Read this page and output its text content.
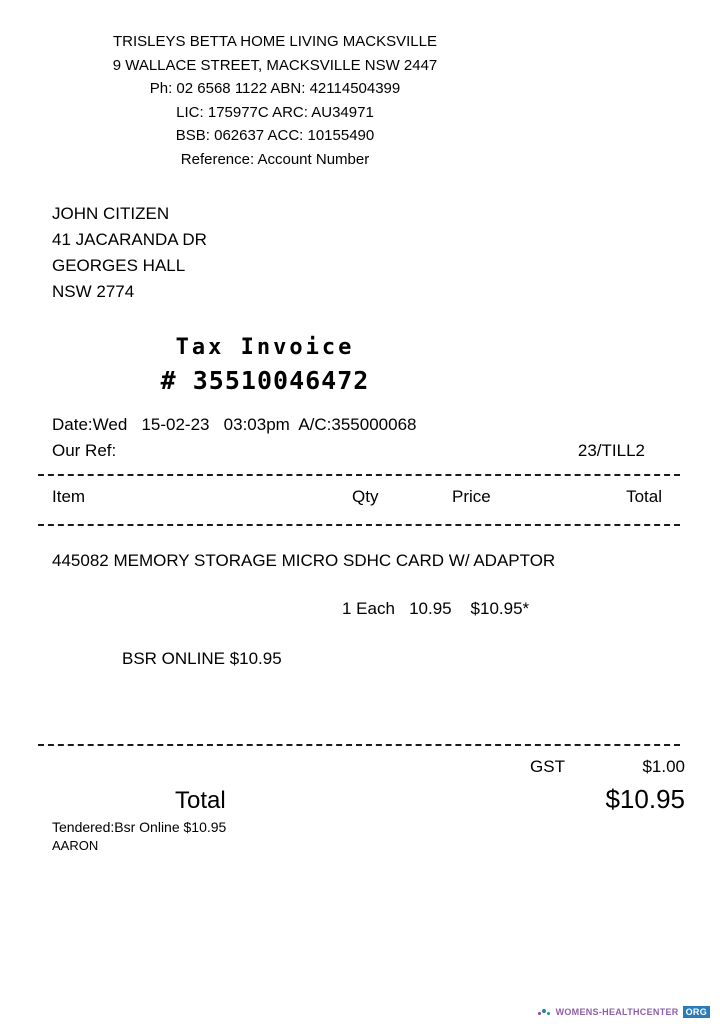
TRISLEYS BETTA HOME LIVING MACKSVILLE
9 WALLACE STREET, MACKSVILLE NSW 2447
Ph: 02 6568 1122 ABN: 42114504399
LIC: 175977C ARC: AU34971
BSB: 062637 ACC: 10155490
Reference: Account Number
JOHN CITIZEN
41 JACARANDA DR
GEORGES HALL
NSW 2774
Tax Invoice
# 35510046472
Date:Wed   15-02-23   03:03pm  A/C:355000068
Our Ref:	23/TILL2
Item	Qty	Price	Total
445082 MEMORY STORAGE MICRO SDHC CARD W/ ADAPTOR
1 Each   10.95    $10.95*
BSR ONLINE $10.95
GST	$1.00
Total	$10.95
Tendered:Bsr Online $10.95
AARON
WOMENS-HEALTHCENTER ORG
